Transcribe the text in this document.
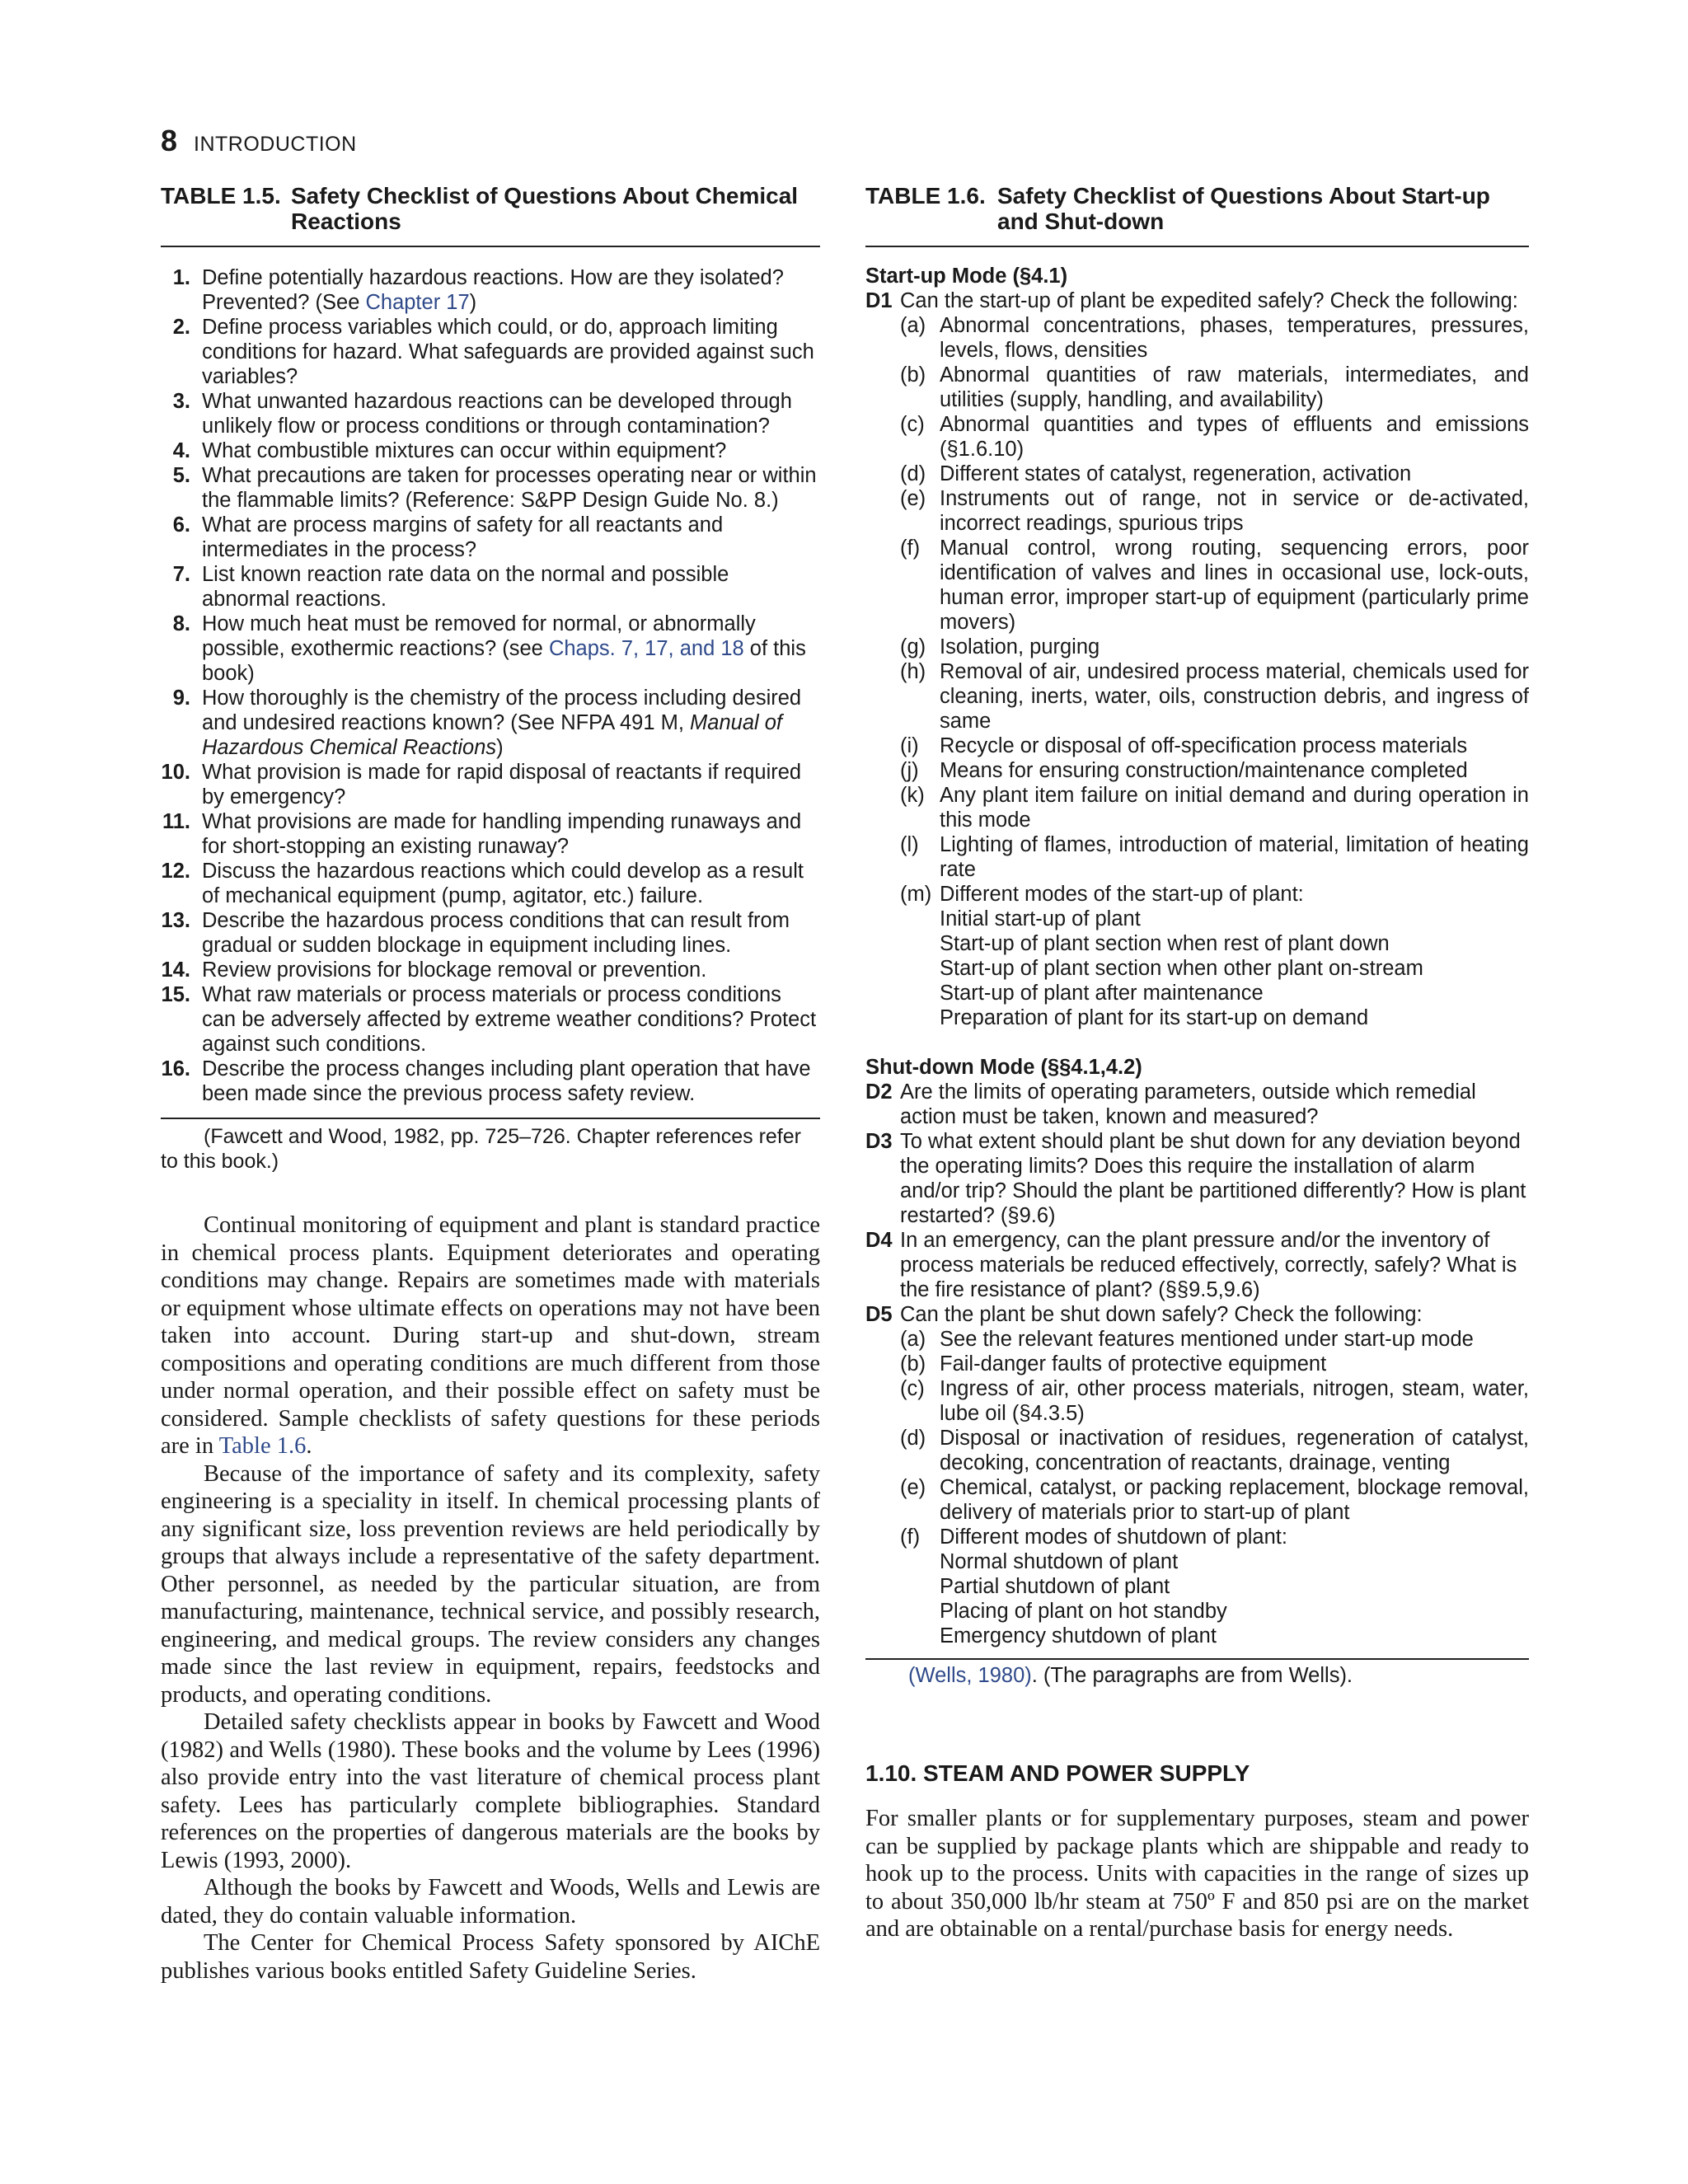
8 INTRODUCTION
TABLE 1.5. Safety Checklist of Questions About Chemical Reactions
1. Define potentially hazardous reactions. How are they isolated? Prevented? (See Chapter 17)
2. Define process variables which could, or do, approach limiting conditions for hazard. What safeguards are provided against such variables?
3. What unwanted hazardous reactions can be developed through unlikely flow or process conditions or through contamination?
4. What combustible mixtures can occur within equipment?
5. What precautions are taken for processes operating near or within the flammable limits? (Reference: S&PP Design Guide No. 8.)
6. What are process margins of safety for all reactants and intermediates in the process?
7. List known reaction rate data on the normal and possible abnormal reactions.
8. How much heat must be removed for normal, or abnormally possible, exothermic reactions? (see Chaps. 7, 17, and 18 of this book)
9. How thoroughly is the chemistry of the process including desired and undesired reactions known? (See NFPA 491 M, Manual of Hazardous Chemical Reactions)
10. What provision is made for rapid disposal of reactants if required by emergency?
11. What provisions are made for handling impending runaways and for short-stopping an existing runaway?
12. Discuss the hazardous reactions which could develop as a result of mechanical equipment (pump, agitator, etc.) failure.
13. Describe the hazardous process conditions that can result from gradual or sudden blockage in equipment including lines.
14. Review provisions for blockage removal or prevention.
15. What raw materials or process materials or process conditions can be adversely affected by extreme weather conditions? Protect against such conditions.
16. Describe the process changes including plant operation that have been made since the previous process safety review.
(Fawcett and Wood, 1982, pp. 725–726. Chapter references refer to this book.)

Continual monitoring of equipment and plant is standard practice in chemical process plants. Equipment deteriorates and operating conditions may change. Repairs are sometimes made with materials or equipment whose ultimate effects on operations may not have been taken into account. During start-up and shut-down, stream compositions and operating conditions are much different from those under normal operation, and their possible effect on safety must be considered. Sample checklists of safety questions for these periods are in Table 1.6.

Because of the importance of safety and its complexity, safety engineering is a speciality in itself. In chemical processing plants of any significant size, loss prevention reviews are held periodically by groups that always include a representative of the safety department. Other personnel, as needed by the particular situation, are from manufacturing, maintenance, technical service, and possibly research, engineering, and medical groups. The review considers any changes made since the last review in equipment, repairs, feedstocks and products, and operating conditions.

Detailed safety checklists appear in books by Fawcett and Wood (1982) and Wells (1980). These books and the volume by Lees (1996) also provide entry into the vast literature of chemical process plant safety. Lees has particularly complete bibliographies. Standard references on the properties of dangerous materials are the books by Lewis (1993, 2000).

Although the books by Fawcett and Woods, Wells and Lewis are dated, they do contain valuable information.

The Center for Chemical Process Safety sponsored by AIChE publishes various books entitled Safety Guideline Series.

TABLE 1.6. Safety Checklist of Questions About Start-up and Shut-down
Start-up Mode (§4.1)
D1 Can the start-up of plant be expedited safely? Check the following:
(a) Abnormal concentrations, phases, temperatures, pressures, levels, flows, densities
(b) Abnormal quantities of raw materials, intermediates, and utilities (supply, handling, and availability)
(c) Abnormal quantities and types of effluents and emissions (§1.6.10)
(d) Different states of catalyst, regeneration, activation
(e) Instruments out of range, not in service or de-activated, incorrect readings, spurious trips
(f) Manual control, wrong routing, sequencing errors, poor identification of valves and lines in occasional use, lock-outs, human error, improper start-up of equipment (particularly prime movers)
(g) Isolation, purging
(h) Removal of air, undesired process material, chemicals used for cleaning, inerts, water, oils, construction debris, and ingress of same
(i) Recycle or disposal of off-specification process materials
(j) Means for ensuring construction/maintenance completed
(k) Any plant item failure on initial demand and during operation in this mode
(l) Lighting of flames, introduction of material, limitation of heating rate
(m) Different modes of the start-up of plant:
Initial start-up of plant
Start-up of plant section when rest of plant down
Start-up of plant section when other plant on-stream
Start-up of plant after maintenance
Preparation of plant for its start-up on demand
Shut-down Mode (§§4.1,4.2)
D2 Are the limits of operating parameters, outside which remedial action must be taken, known and measured?
D3 To what extent should plant be shut down for any deviation beyond the operating limits? Does this require the installation of alarm and/or trip? Should the plant be partitioned differently? How is plant restarted? (§9.6)
D4 In an emergency, can the plant pressure and/or the inventory of process materials be reduced effectively, correctly, safely? What is the fire resistance of plant? (§§9.5,9.6)
D5 Can the plant be shut down safely? Check the following:
(a) See the relevant features mentioned under start-up mode
(b) Fail-danger faults of protective equipment
(c) Ingress of air, other process materials, nitrogen, steam, water, lube oil (§4.3.5)
(d) Disposal or inactivation of residues, regeneration of catalyst, decoking, concentration of reactants, drainage, venting
(e) Chemical, catalyst, or packing replacement, blockage removal, delivery of materials prior to start-up of plant
(f) Different modes of shutdown of plant:
Normal shutdown of plant
Partial shutdown of plant
Placing of plant on hot standby
Emergency shutdown of plant
(Wells, 1980). (The paragraphs are from Wells).
1.10. STEAM AND POWER SUPPLY

For smaller plants or for supplementary purposes, steam and power can be supplied by package plants which are shippable and ready to hook up to the process. Units with capacities in the range of sizes up to about 350,000 lb/hr steam at 750º F and 850 psi are on the market and are obtainable on a rental/purchase basis for energy needs.
